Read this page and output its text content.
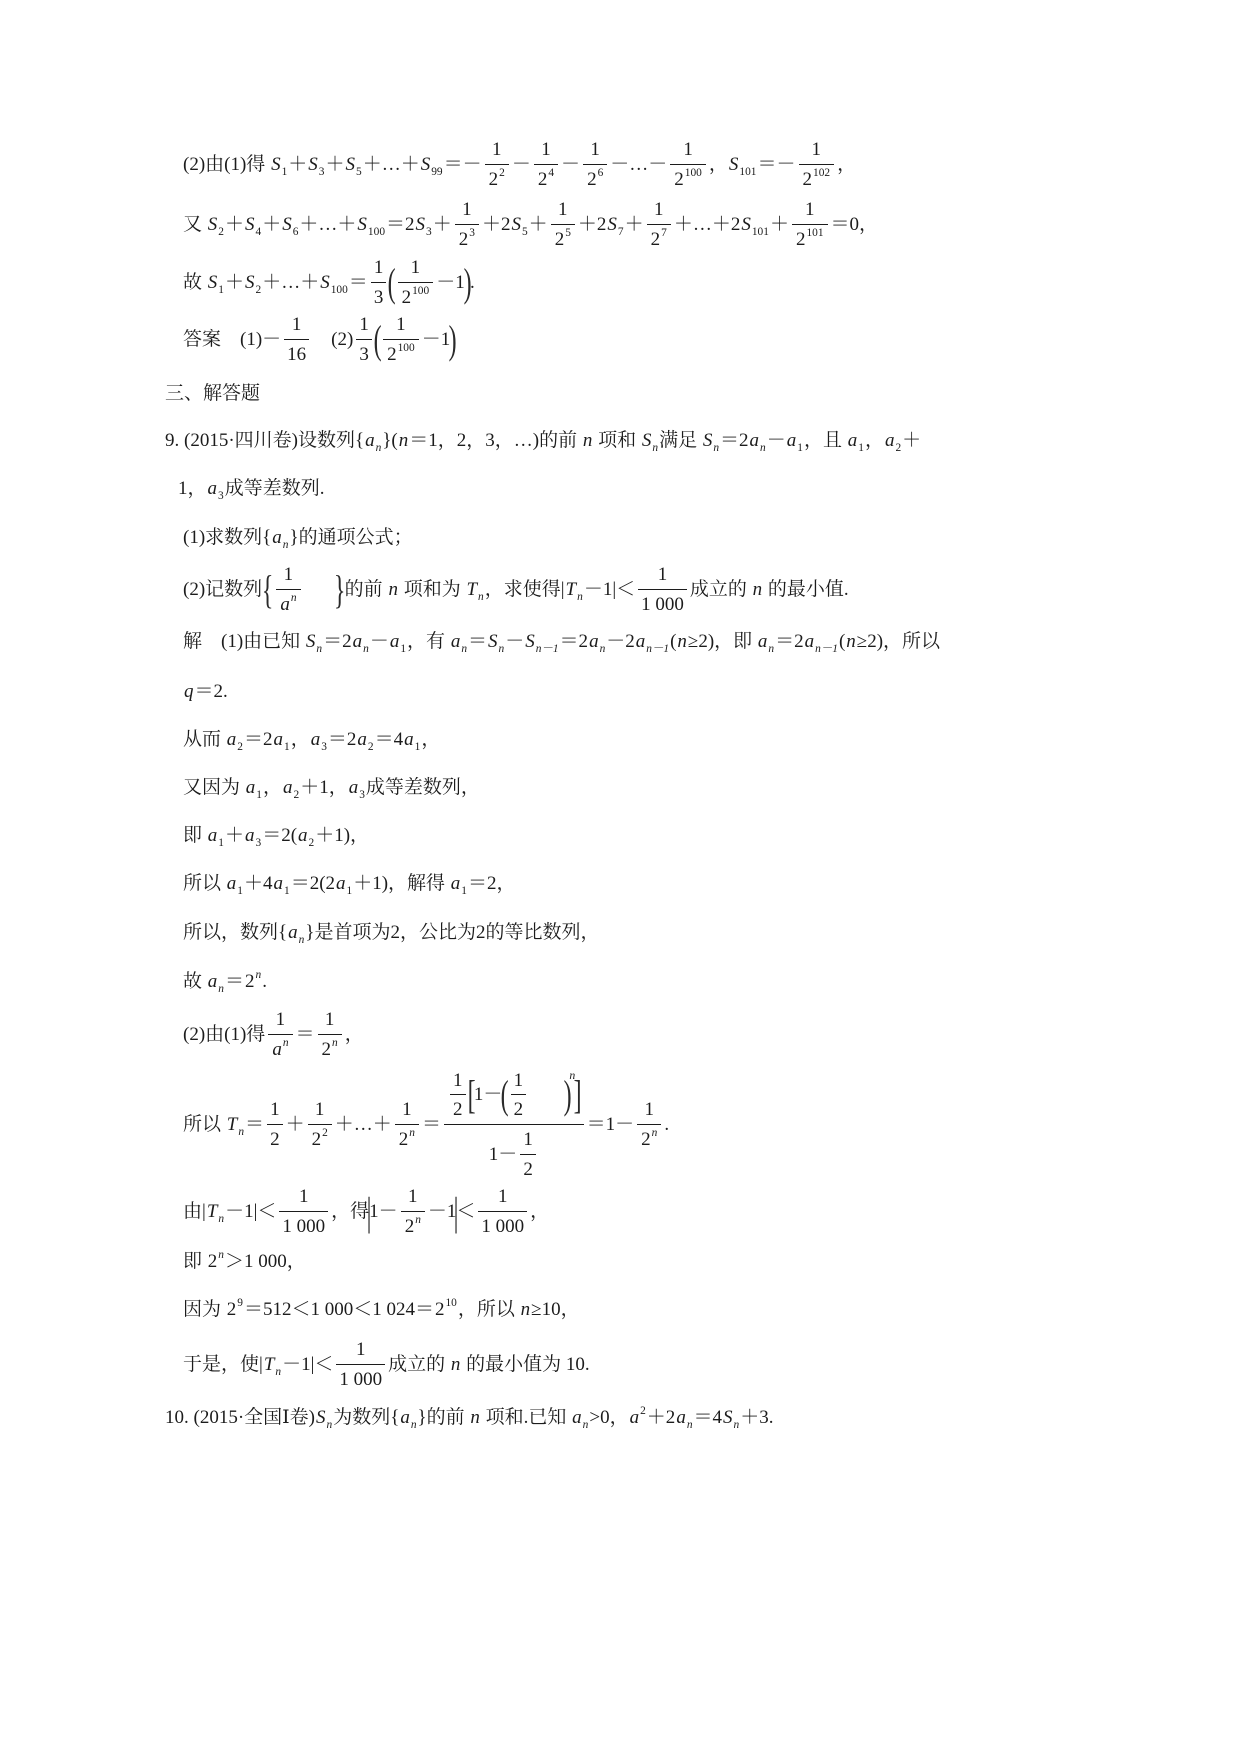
(2)由(1)得 $S_1 + S_3 + S_5$ ＋…＋ $S_{99} =- \frac{1}{2^2} - \frac{1}{2^4} - \frac{1}{2^6}$ －…－ $\frac{1}{2^{100}}$ ， $S_{101} =- \frac{1}{2^{102}}$ ，
又 $S_2 + S_4 + S_6$ ＋…＋ $S_{100} =2$ $S_3 + \frac{1}{2^3} +2$ $S_5 + \frac{1}{2^5} +2$ $S_7 + \frac{1}{2^7}$ ＋…＋2 $S_{101} + \frac{1}{2^{101}} =0$，
故 $S_1 + S_2$ ＋…＋ $S_{100} = \frac{1}{3}$ ( $\frac{1}{2^{100}} -1$
)
.
答案　$(1)- \frac{1}{16}$ 　$(2) \frac{1}{3}$ ( $\frac{1}{2^{100}} -1$
)
三、解答题
9. (2015·四川卷)设数列{ $a_n$ }( n ＝1，2，3，…)的前 n 项和 $S_n$ 满足 $S_n =2$ $a_n - a_1$ ，且 $a_1$ ， $a_2$ ＋
1， $a_3$ 成等差数列.
(1)求数列{ $a_n$ }的通项公式；
(2)记数列 { $\frac{1}{a^n}$ } 的前 n 项和为 $T_n$ ，求使得| $T_n -1|< \frac{1}{1 000}$ 成立的 n 的最小值.
解　(1)由已知 $S_n =2$ $a_n - a_1$ ，有 $a_n = S_n - S_{n-1} =2$ $a_n -2$ $a_{n-1}$ ( n ≥2)，即 $a_n =2$ $a_{n-1}$ ( n ≥2)，所以
q ＝2.
从而 $a_2 =2$ $a_1$ ， $a_3 =2$ $a_2 =4$ $a_1$ ，
又因为 $a_1$ ， $a_2 +1$， $a_3$ 成等差数列，
即 $a_1 + a_3 =2$( $a_2 +1$)，
所以 $a_1 +4$ $a_1 =2(2$ $a_1 +1$)，解得 $a_1 =2$，
所以，数列{ $a_n$ }是首项为2，公比为2的等比数列，
故 $a_n = 2^n$ .
(2)由(1)得 $\frac{1}{a^n} = \frac{1}{2^n}$ ，
所以 $T_n = \frac{1}{2} + \frac{1}{2^2}$ ＋…＋ $\frac{1}{2^n} = \frac{1}{2}$ [
1－
( $\frac{1}{2}$ )
n
]
$1- \frac{1}{2} =1- \frac{1}{2^n}$ .
由| $T_n -1|< \frac{1}{1 000}$ ，得
|
$1- \frac{1}{2^n} -1$
|
＜ $\frac{1}{1 000}$ ，
即 $2^n >1$ 000，
因为 $2^9 =512<1$ 000＜1 $024= 2^{10}$ ，所以 n ≥10，
于是，使| $T_n -1|< \frac{1}{1 000}$ 成立的 n 的最小值为 10.
10. (2015·全国Ⅰ卷) $S_n$ 为数列{ $a_n$ }的前 n 项和.已知 $a_n >0$， $a^2 +2$ $a_n =4$ $S_n +3$.
